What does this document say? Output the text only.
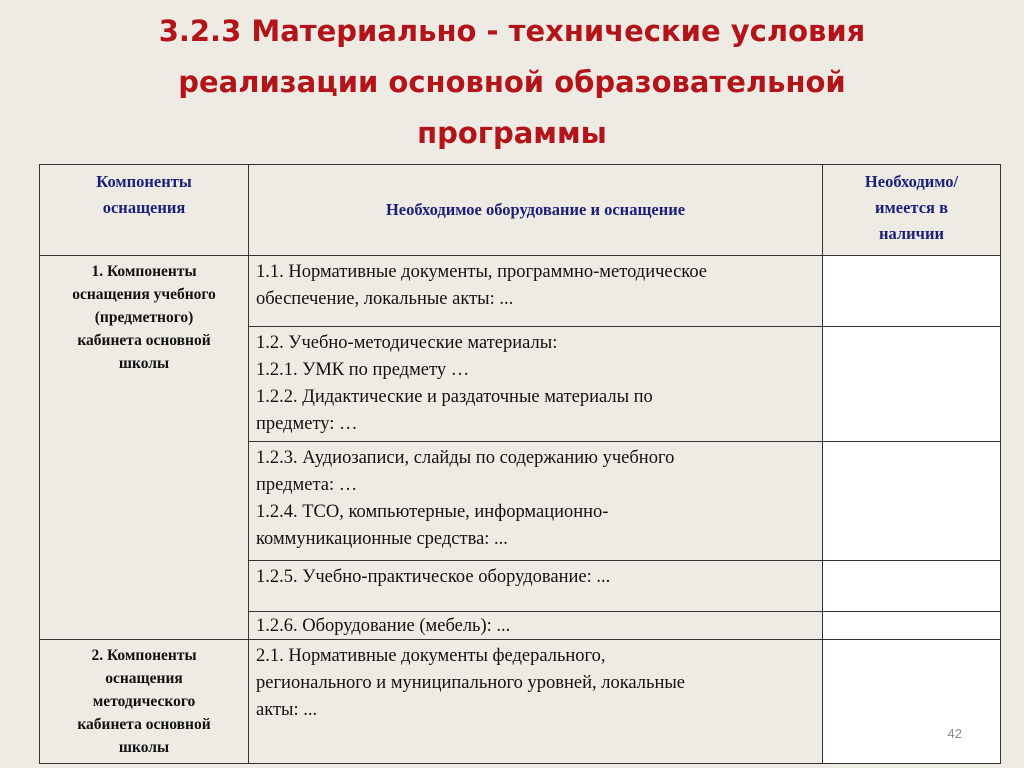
3.2.3 Материально - технические условия
реализации основной образовательной
программы
Компоненты
оснащения	Необходимое оборудование и оснащение	Необходимо/
имеется в
наличии

1. Компоненты
оснащения учебного
(предметного)
кабинета основной
школы	1.1. Нормативные документы, программно-методическое
обеспечение, локальные акты: ...	

	1.2. Учебно-методические материалы:
1.2.1. УМК по предмету …
1.2.2. Дидактические и раздаточные материалы по
предмету: …	

	1.2.3. Аудиозаписи, слайды по содержанию учебного
предмета: …
1.2.4. ТСО, компьютерные, информационно-
коммуникационные средства: ...	

	1.2.5. Учебно-практическое оборудование: ...	

	1.2.6. Оборудование (мебель): ...	

2. Компоненты
оснащения
методического
кабинета основной
школы	2.1. Нормативные документы федерального,
регионального и муниципального уровней, локальные
акты: ...	

42
